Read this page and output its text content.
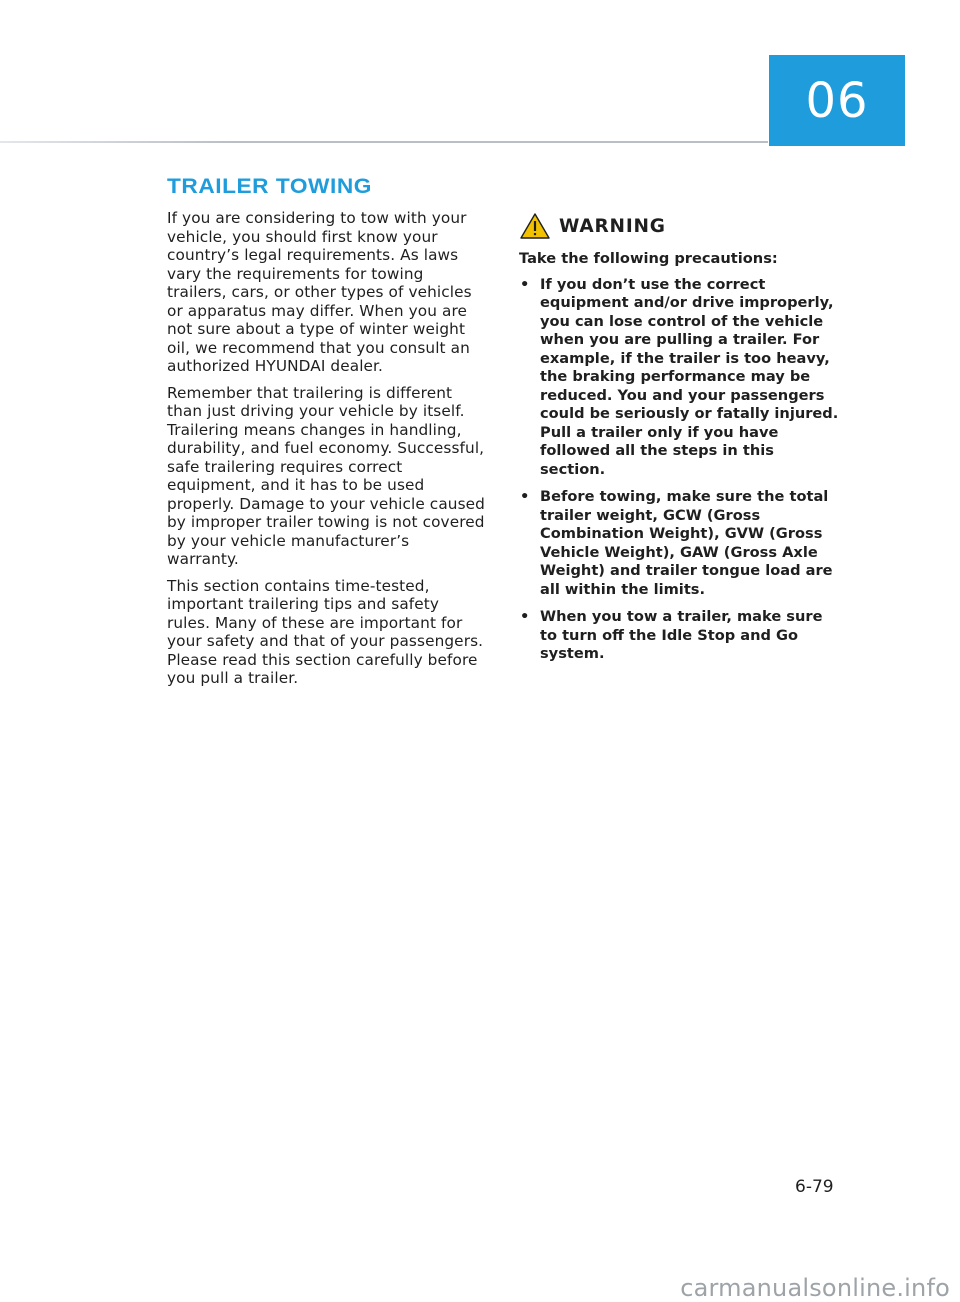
06
TRAILER TOWING

If you are considering to tow with your vehicle, you should first know your country’s legal requirements. As laws vary the requirements for towing trailers, cars, or other types of vehicles or apparatus may differ. When you are not sure about a type of winter weight oil, we recommend that you consult an authorized HYUNDAI dealer.

Remember that trailering is different than just driving your vehicle by itself. Trailering means changes in handling, durability, and fuel economy. Successful, safe trailering requires correct equipment, and it has to be used properly. Damage to your vehicle caused by improper trailer towing is not covered by your vehicle manufacturer’s warranty.

This section contains time-tested, important trailering tips and safety rules. Many of these are important for your safety and that of your passengers. Please read this section carefully before you pull a trailer.

WARNING

Take the following precautions:

• If you don’t use the correct equipment and/or drive improperly, you can lose control of the vehicle when you are pulling a trailer. For example, if the trailer is too heavy, the braking performance may be reduced. You and your passengers could be seriously or fatally injured. Pull a trailer only if you have followed all the steps in this section.
• Before towing, make sure the total trailer weight, GCW (Gross Combination Weight), GVW (Gross Vehicle Weight), GAW (Gross Axle Weight) and trailer tongue load are all within the limits.
• When you tow a trailer, make sure to turn off the Idle Stop and Go system.
6-79
carmanualsonline.info
